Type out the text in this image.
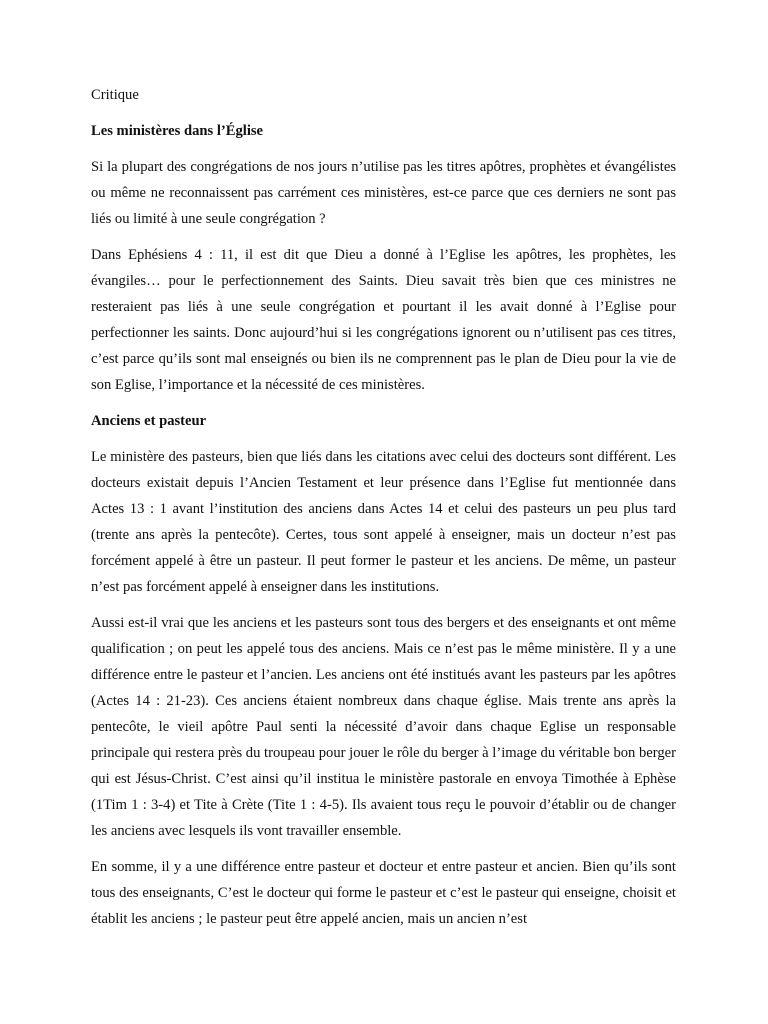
Critique

Les ministères dans l’Église

Si la plupart des congrégations de nos jours n’utilise pas les titres apôtres, prophètes et évangélistes ou même ne reconnaissent pas carrément ces ministères, est-ce parce que ces derniers ne sont pas liés ou limité à une seule congrégation ?

Dans Ephésiens 4 : 11, il est dit que Dieu a donné à l’Eglise les apôtres, les prophètes, les évangiles… pour le perfectionnement des Saints. Dieu savait très bien que ces ministres ne resteraient pas liés à une seule congrégation et pourtant il les avait donné à l’Eglise pour perfectionner les saints. Donc aujourd’hui si les congrégations ignorent ou n’utilisent pas ces titres, c’est parce qu’ils sont mal enseignés ou bien ils ne comprennent pas le plan de Dieu pour la vie de son Eglise, l’importance et la nécessité de ces ministères.

Anciens et pasteur

Le ministère des pasteurs, bien que liés dans les citations avec celui des docteurs sont différent. Les docteurs existait depuis l’Ancien Testament et leur présence dans l’Eglise fut mentionnée dans Actes 13 : 1 avant l’institution des anciens dans Actes 14 et celui des pasteurs un peu plus tard (trente ans après la pentecôte). Certes, tous sont appelé à enseigner, mais un docteur n’est pas forcément appelé à être un pasteur. Il peut former le pasteur et les anciens. De même, un pasteur n’est pas forcément appelé à enseigner dans les institutions.

Aussi est-il vrai que les anciens et les pasteurs sont tous des bergers et des enseignants et ont même qualification ; on peut les appelé tous des anciens. Mais ce n’est pas le même ministère. Il y a une différence entre le pasteur et l’ancien. Les anciens ont été institués avant les pasteurs par les apôtres (Actes 14 : 21-23). Ces anciens étaient nombreux dans chaque église. Mais trente ans après la pentecôte, le vieil apôtre Paul senti la nécessité d’avoir dans chaque Eglise un responsable principale qui restera près du troupeau pour jouer le rôle du berger à l’image du véritable bon berger qui est Jésus-Christ. C’est ainsi qu’il institua le ministère pastorale en envoya Timothée à Ephèse (1Tim 1 : 3-4) et Tite à Crète (Tite 1 : 4-5). Ils avaient tous reçu le pouvoir d’établir ou de changer les anciens avec lesquels ils vont travailler ensemble.

En somme, il y a une différence entre pasteur et docteur et entre pasteur et ancien. Bien qu’ils sont tous des enseignants, C’est le docteur qui forme le pasteur et c’est le pasteur qui enseigne, choisit et établit les anciens ; le pasteur peut être appelé ancien, mais un ancien n’est
